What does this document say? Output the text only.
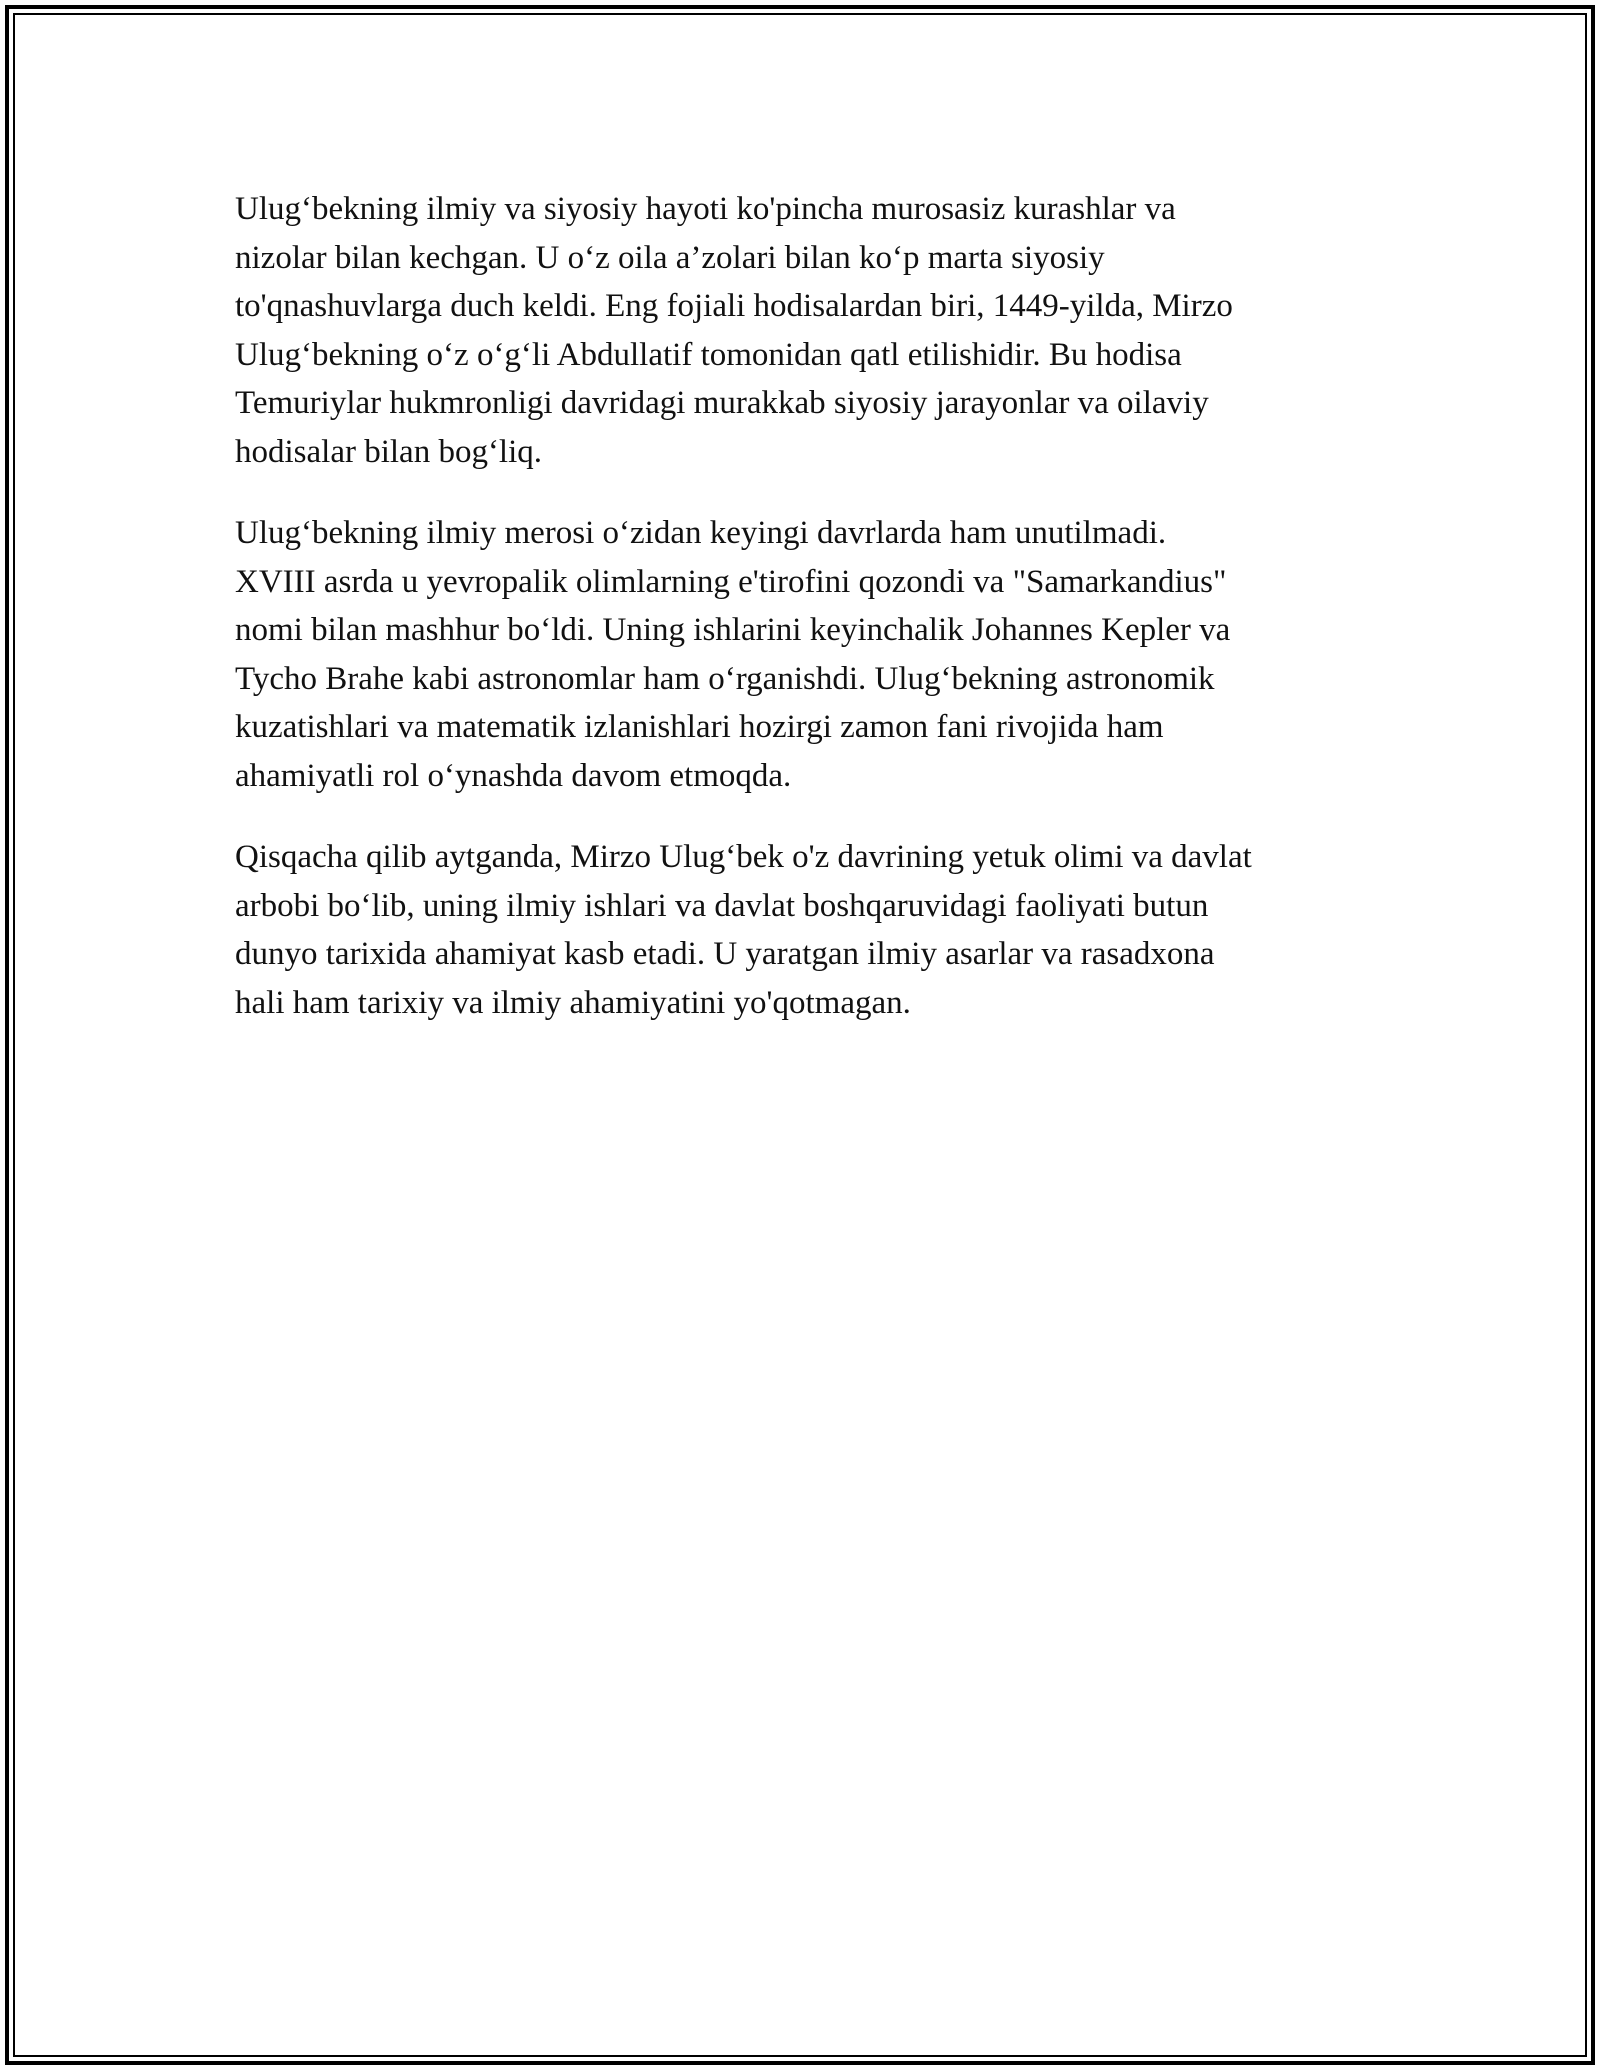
Ulug‘bekning ilmiy va siyosiy hayoti ko'pincha murosasiz kurashlar va
nizolar bilan kechgan. U o‘z oila a’zolari bilan ko‘p marta siyosiy
to'qnashuvlarga duch keldi. Eng fojiali hodisalardan biri, 1449-yilda, Mirzo
Ulug‘bekning o‘z o‘g‘li Abdullatif tomonidan qatl etilishidir. Bu hodisa
Temuriylar hukmronligi davridagi murakkab siyosiy jarayonlar va oilaviy
hodisalar bilan bog‘liq.

Ulug‘bekning ilmiy merosi o‘zidan keyingi davrlarda ham unutilmadi.
XVIII asrda u yevropalik olimlarning e'tirofini qozondi va "Samarkandius"
nomi bilan mashhur bo‘ldi. Uning ishlarini keyinchalik Johannes Kepler va
Tycho Brahe kabi astronomlar ham o‘rganishdi. Ulug‘bekning astronomik
kuzatishlari va matematik izlanishlari hozirgi zamon fani rivojida ham
ahamiyatli rol o‘ynashda davom etmoqda.

Qisqacha qilib aytganda, Mirzo Ulug‘bek o'z davrining yetuk olimi va davlat
arbobi bo‘lib, uning ilmiy ishlari va davlat boshqaruvidagi faoliyati butun
dunyo tarixida ahamiyat kasb etadi. U yaratgan ilmiy asarlar va rasadxona
hali ham tarixiy va ilmiy ahamiyatini yo'qotmagan.
